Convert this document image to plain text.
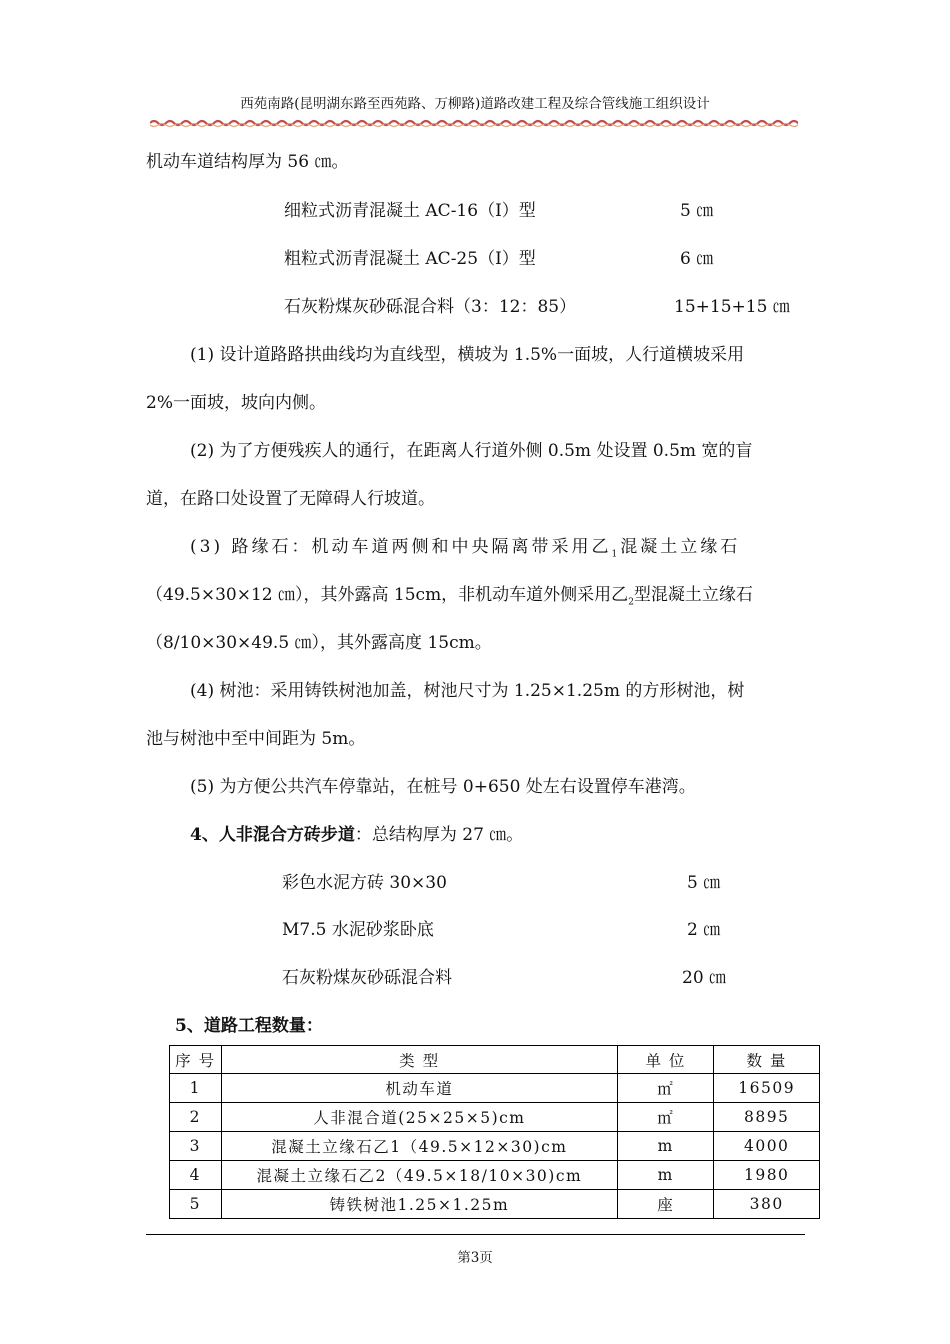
西苑南路(昆明湖东路至西苑路、万柳路)道路改建工程及综合管线施工组织设计
机动车道结构厚为 56 ㎝。
细粒式沥青混凝土 AC-16（Ⅰ）型	5 ㎝
粗粒式沥青混凝土 AC-25（Ⅰ）型	6 ㎝
石灰粉煤灰砂砾混合料（3：12：85）	15+15+15 ㎝
(1) 设计道路路拱曲线均为直线型，横坡为 1.5%一面坡，人行道横坡采用
2%一面坡，坡向内侧。
(2) 为了方便残疾人的通行，在距离人行道外侧 0.5m 处设置 0.5m 宽的盲
道，在路口处设置了无障碍人行坡道。
(3) 路缘石：机动车道两侧和中央隔离带采用乙$_1$混凝土立缘石
（49.5×30×12 ㎝），其外露高 15cm，非机动车道外侧采用乙$_2$型混凝土立缘石
（8/10×30×49.5 ㎝），其外露高度 15cm。
(4) 树池：采用铸铁树池加盖，树池尺寸为 1.25×1.25m 的方形树池，树
池与树池中至中间距为 5m。
(5) 为方便公共汽车停靠站，在桩号 0+650 处左右设置停车港湾。
4、人非混合方砖步道：总结构厚为 27 ㎝。
彩色水泥方砖 30×30	5 ㎝
M7.5 水泥砂浆卧底	2 ㎝
石灰粉煤灰砂砾混合料	20 ㎝
5、道路工程数量：
序 号	类 型	单 位	数 量
1	机动车道	㎡	16509
2	人非混合道(25×25×5)cm	㎡	8895
3	混凝土立缘石乙1（49.5×12×30)cm	m	4000
4	混凝土立缘石乙2（49.5×18/10×30)cm	m	1980
5	铸铁树池1.25×1.25m	座	380
第3页
